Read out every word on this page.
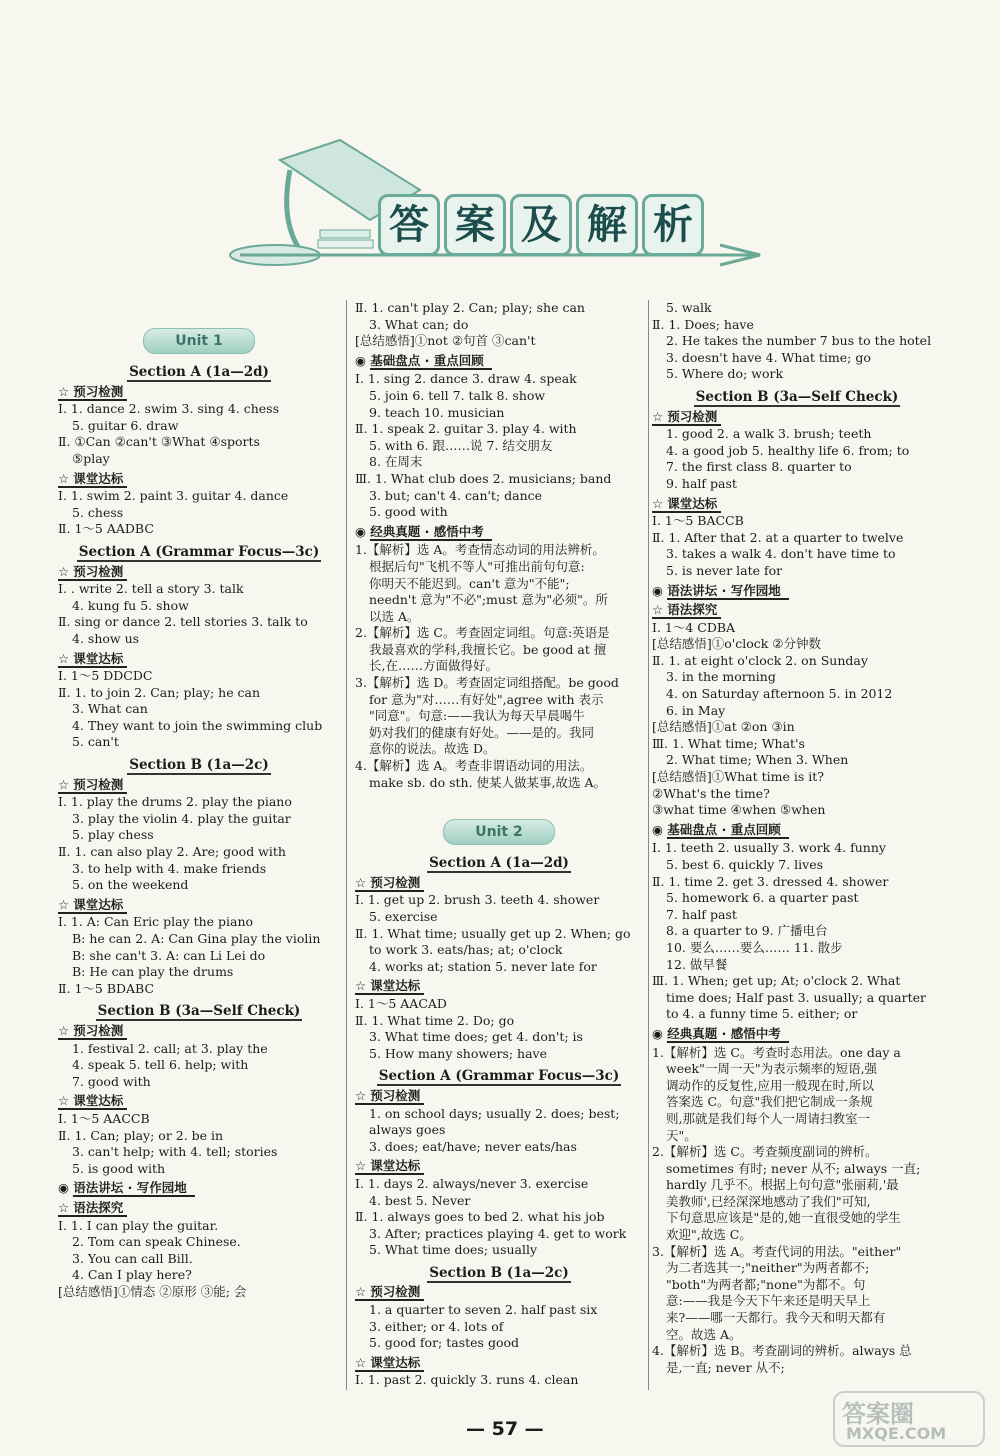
答 案 及 解 析
Unit 1
Section A (1a—2d)
☆ 预习检测
Ⅰ. 1. dance 2. swim 3. sing 4. chess
5. guitar 6. draw
Ⅱ. ①Can ②can't ③What ④sports
⑤play
☆ 课堂达标
Ⅰ. 1. swim 2. paint 3. guitar 4. dance
5. chess
Ⅱ. 1～5 AADBC
Section A (Grammar Focus—3c)
☆ 预习检测
Ⅰ. . write 2. tell a story 3. talk
4. kung fu 5. show
Ⅱ. sing or dance 2. tell stories 3. talk to
4. show us
☆ 课堂达标
Ⅰ. 1～5 DDCDC
Ⅱ. 1. to join 2. Can; play; he can
3. What can
4. They want to join the swimming club
5. can't
Section B (1a—2c)
☆ 预习检测
Ⅰ. 1. play the drums 2. play the piano
3. play the violin 4. play the guitar
5. play chess
Ⅱ. 1. can also play 2. Are; good with
3. to help with 4. make friends
5. on the weekend
☆ 课堂达标
Ⅰ. 1. A: Can Eric play the piano
B: he can 2. A: Can Gina play the violin
B: she can't 3. A: can Li Lei do
B: He can play the drums
Ⅱ. 1～5 BDABC
Section B (3a—Self Check)
☆ 预习检测
1. festival 2. call; at 3. play the
4. speak 5. tell 6. help; with
7. good with
☆ 课堂达标
Ⅰ. 1～5 AACCB
Ⅱ. 1. Can; play; or 2. be in
3. can't help; with 4. tell; stories
5. is good with
◉ 语法讲坛 · 写作园地
☆ 语法探究
Ⅰ. 1. I can play the guitar.
2. Tom can speak Chinese.
3. You can call Bill.
4. Can I play here?
[总结感悟]①情态 ②原形 ③能; 会
Ⅱ. 1. can't play 2. Can; play; she can
3. What can; do
[总结感悟]①not ②句首 ③can't
◉ 基础盘点 · 重点回顾
Ⅰ. 1. sing 2. dance 3. draw 4. speak
5. join 6. tell 7. talk 8. show
9. teach 10. musician
Ⅱ. 1. speak 2. guitar 3. play 4. with
5. with 6. 跟……说 7. 结交朋友
8. 在周末
Ⅲ. 1. What club does 2. musicians; band
3. but; can't 4. can't; dance
5. good with
◉ 经典真题 · 感悟中考
1.【解析】选 A。考查情态动词的用法辨析。
根据后句"飞机不等人"可推出前句句意:
你明天不能迟到。can't 意为"不能";
needn't 意为"不必";must 意为"必须"。所
以选 A。
2.【解析】选 C。考查固定词组。句意:英语是
我最喜欢的学科,我擅长它。be good at 擅
长,在……方面做得好。
3.【解析】选 D。考查固定词组搭配。be good
for 意为"对……有好处",agree with 表示
"同意"。句意:——我认为每天早晨喝牛
奶对我们的健康有好处。——是的。我同
意你的说法。故选 D。
4.【解析】选 A。考查非谓语动词的用法。
make sb. do sth. 使某人做某事,故选 A。
Unit 2
Section A (1a—2d)
☆ 预习检测
Ⅰ. 1. get up 2. brush 3. teeth 4. shower
5. exercise
Ⅱ. 1. What time; usually get up 2. When; go
to work 3. eats/has; at; o'clock
4. works at; station 5. never late for
☆ 课堂达标
Ⅰ. 1～5 AACAD
Ⅱ. 1. What time 2. Do; go
3. What time does; get 4. don't; is
5. How many showers; have
Section A (Grammar Focus—3c)
☆ 预习检测
1. on school days; usually 2. does; best;
always goes
3. does; eat/have; never eats/has
☆ 课堂达标
Ⅰ. 1. days 2. always/never 3. exercise
4. best 5. Never
Ⅱ. 1. always goes to bed 2. what his job
3. After; practices playing 4. get to work
5. What time does; usually
Section B (1a—2c)
☆ 预习检测
1. a quarter to seven 2. half past six
3. either; or 4. lots of
5. good for; tastes good
☆ 课堂达标
Ⅰ. 1. past 2. quickly 3. runs 4. clean
5. walk
Ⅱ. 1. Does; have
2. He takes the number 7 bus to the hotel
3. doesn't have 4. What time; go
5. Where do; work
Section B (3a—Self Check)
☆ 预习检测
1. good 2. a walk 3. brush; teeth
4. a good job 5. healthy life 6. from; to
7. the first class 8. quarter to
9. half past
☆ 课堂达标
Ⅰ. 1～5 BACCB
Ⅱ. 1. After that 2. at a quarter to twelve
3. takes a walk 4. don't have time to
5. is never late for
◉ 语法讲坛 · 写作园地
☆ 语法探究
Ⅰ. 1～4 CDBA
[总结感悟]①o'clock ②分钟数
Ⅱ. 1. at eight o'clock 2. on Sunday
3. in the morning
4. on Saturday afternoon 5. in 2012
6. in May
[总结感悟]①at ②on ③in
Ⅲ. 1. What time; What's
2. What time; When 3. When
[总结感悟]①What time is it?
②What's the time?
③what time ④when ⑤when
◉ 基础盘点 · 重点回顾
Ⅰ. 1. teeth 2. usually 3. work 4. funny
5. best 6. quickly 7. lives
Ⅱ. 1. time 2. get 3. dressed 4. shower
5. homework 6. a quarter past
7. half past
8. a quarter to 9. 广播电台
10. 要么……要么…… 11. 散步
12. 做早餐
Ⅲ. 1. When; get up; At; o'clock 2. What
time does; Half past 3. usually; a quarter
to 4. a funny time 5. either; or
◉ 经典真题 · 感悟中考
1.【解析】选 C。考查时态用法。one day a
week"一周一天"为表示频率的短语,强
调动作的反复性,应用一般现在时,所以
答案选 C。句意"我们把它制成一条规
则,那就是我们每个人一周请扫教室一
天"。
2.【解析】选 C。考查频度副词的辨析。
sometimes 有时; never 从不; always 一直;
hardly 几乎不。根据上句句意"张丽莉,'最
美教师',已经深深地感动了我们"可知,
下句意思应该是"是的,她一直很受她的学生
欢迎",故选 C。
3.【解析】选 A。考查代词的用法。"either"
为二者选其一;"neither"为两者都不;
"both"为两者都;"none"为都不。句
意:——我是今天下午来还是明天早上
来?——哪一天都行。我今天和明天都有
空。故选 A。
4.【解析】选 B。考查副词的辨析。always 总
是,一直; never 从不;
— 57 —
答案圈
MXQE.COM
